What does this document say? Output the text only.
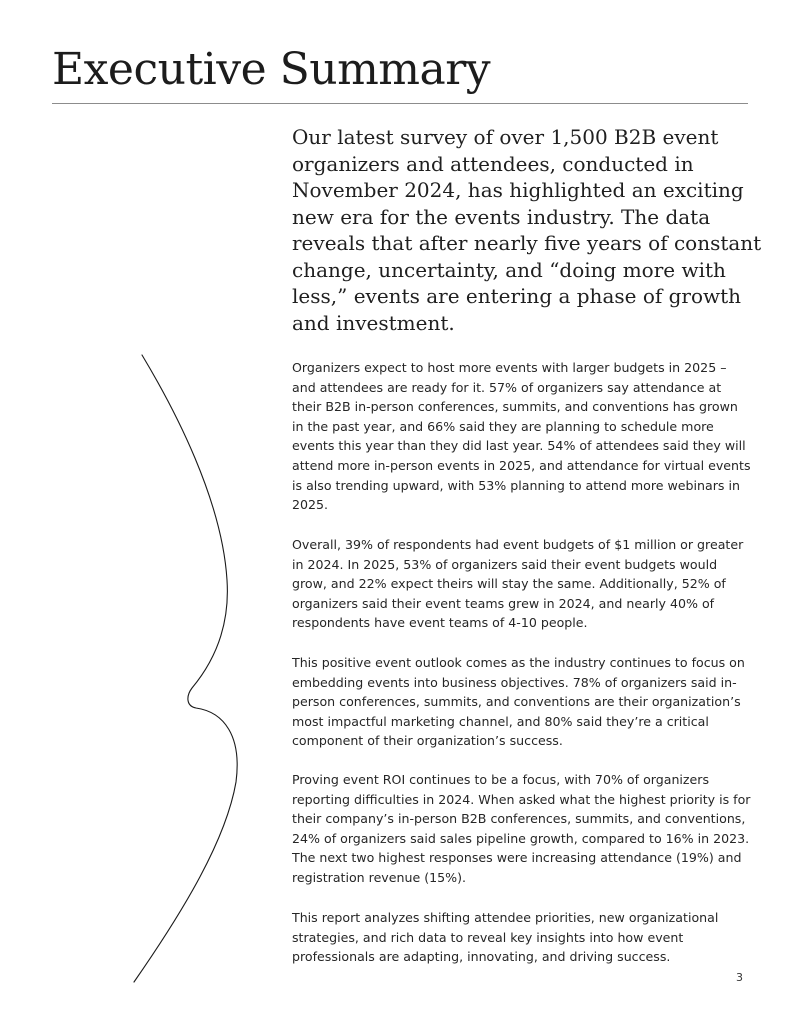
Executive Summary

Our latest survey of over 1,500 B2B event organizers and attendees, conducted in November 2024, has highlighted an exciting new era for the events industry. The data reveals that after nearly five years of constant change, uncertainty, and “doing more with less,” events are entering a phase of growth and investment.

Organizers expect to host more events with larger budgets in 2025 – and attendees are ready for it. 57% of organizers say attendance at their B2B in-person conferences, summits, and conventions has grown in the past year, and 66% said they are planning to schedule more events this year than they did last year. 54% of attendees said they will attend more in-person events in 2025, and attendance for virtual events is also trending upward, with 53% planning to attend more webinars in 2025.

Overall, 39% of respondents had event budgets of $1 million or greater in 2024. In 2025, 53% of organizers said their event budgets would grow, and 22% expect theirs will stay the same. Additionally, 52% of organizers said their event teams grew in 2024, and nearly 40% of respondents have event teams of 4-10 people.

This positive event outlook comes as the industry continues to focus on embedding events into business objectives. 78% of organizers said in-person conferences, summits, and conventions are their organization’s most impactful marketing channel, and 80% said they’re a critical component of their organization’s success.

Proving event ROI continues to be a focus, with 70% of organizers reporting difficulties in 2024. When asked what the highest priority is for their company’s in-person B2B conferences, summits, and conventions, 24% of organizers said sales pipeline growth, compared to 16% in 2023. The next two highest responses were increasing attendance (19%) and registration revenue (15%).

This report analyzes shifting attendee priorities, new organizational strategies, and rich data to reveal key insights into how event professionals are adapting, innovating, and driving success.

3
